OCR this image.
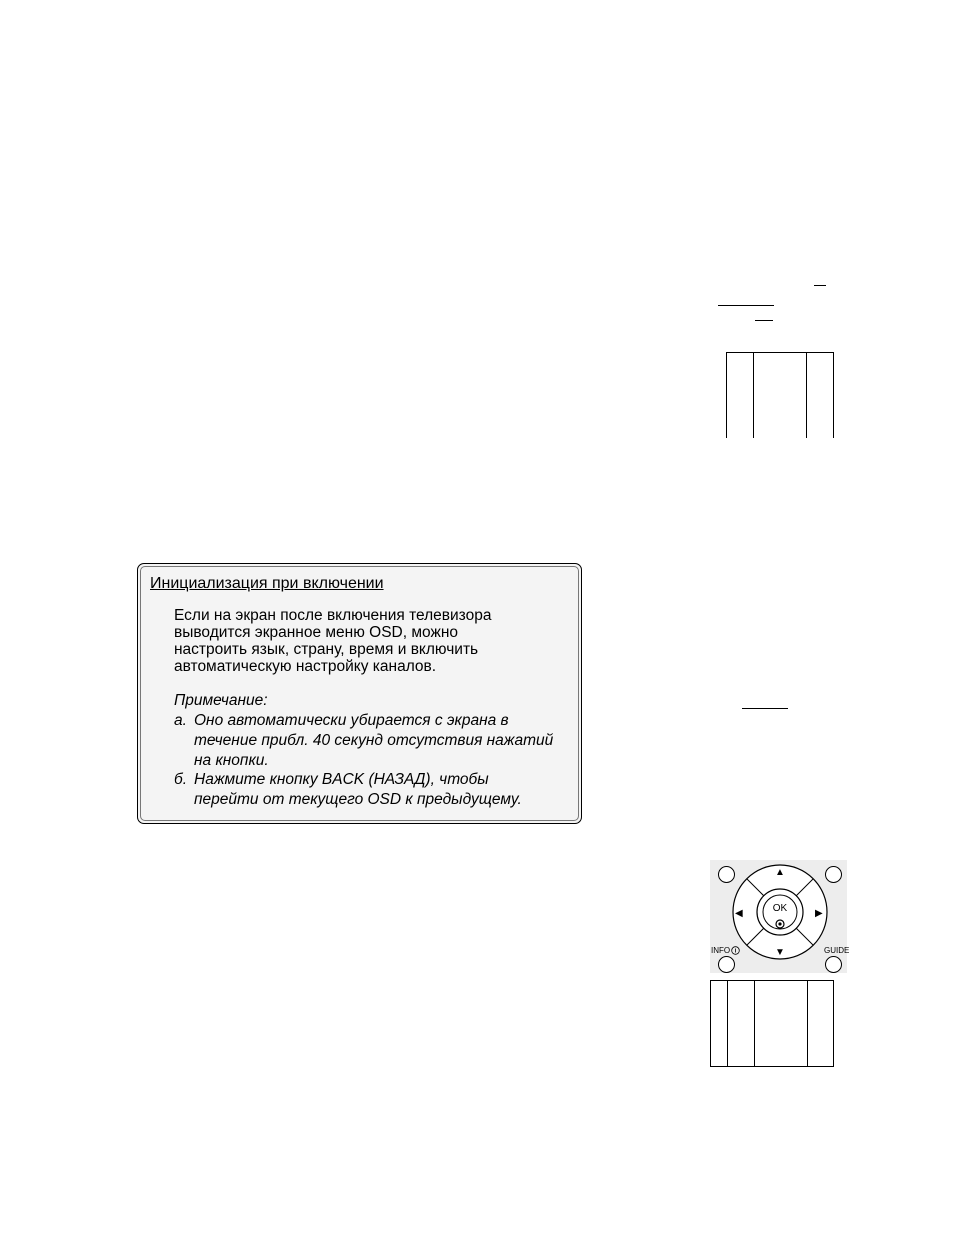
Инициализация при включении
Если на экран после включения телевизора
выводится экранное меню OSD, можно
настроить язык, страну, время и включить
автоматическую настройку каналов.
Примечание:
а. Оно автоматически убирается с экрана в
течение прибл. 40 секунд отсутствия нажатий
на кнопки.
б. Нажмите кнопку BACK (НАЗАД), чтобы
перейти от текущего OSD к предыдущему.
OK
▲
▼
◀	▶
INFO	GUIDE
